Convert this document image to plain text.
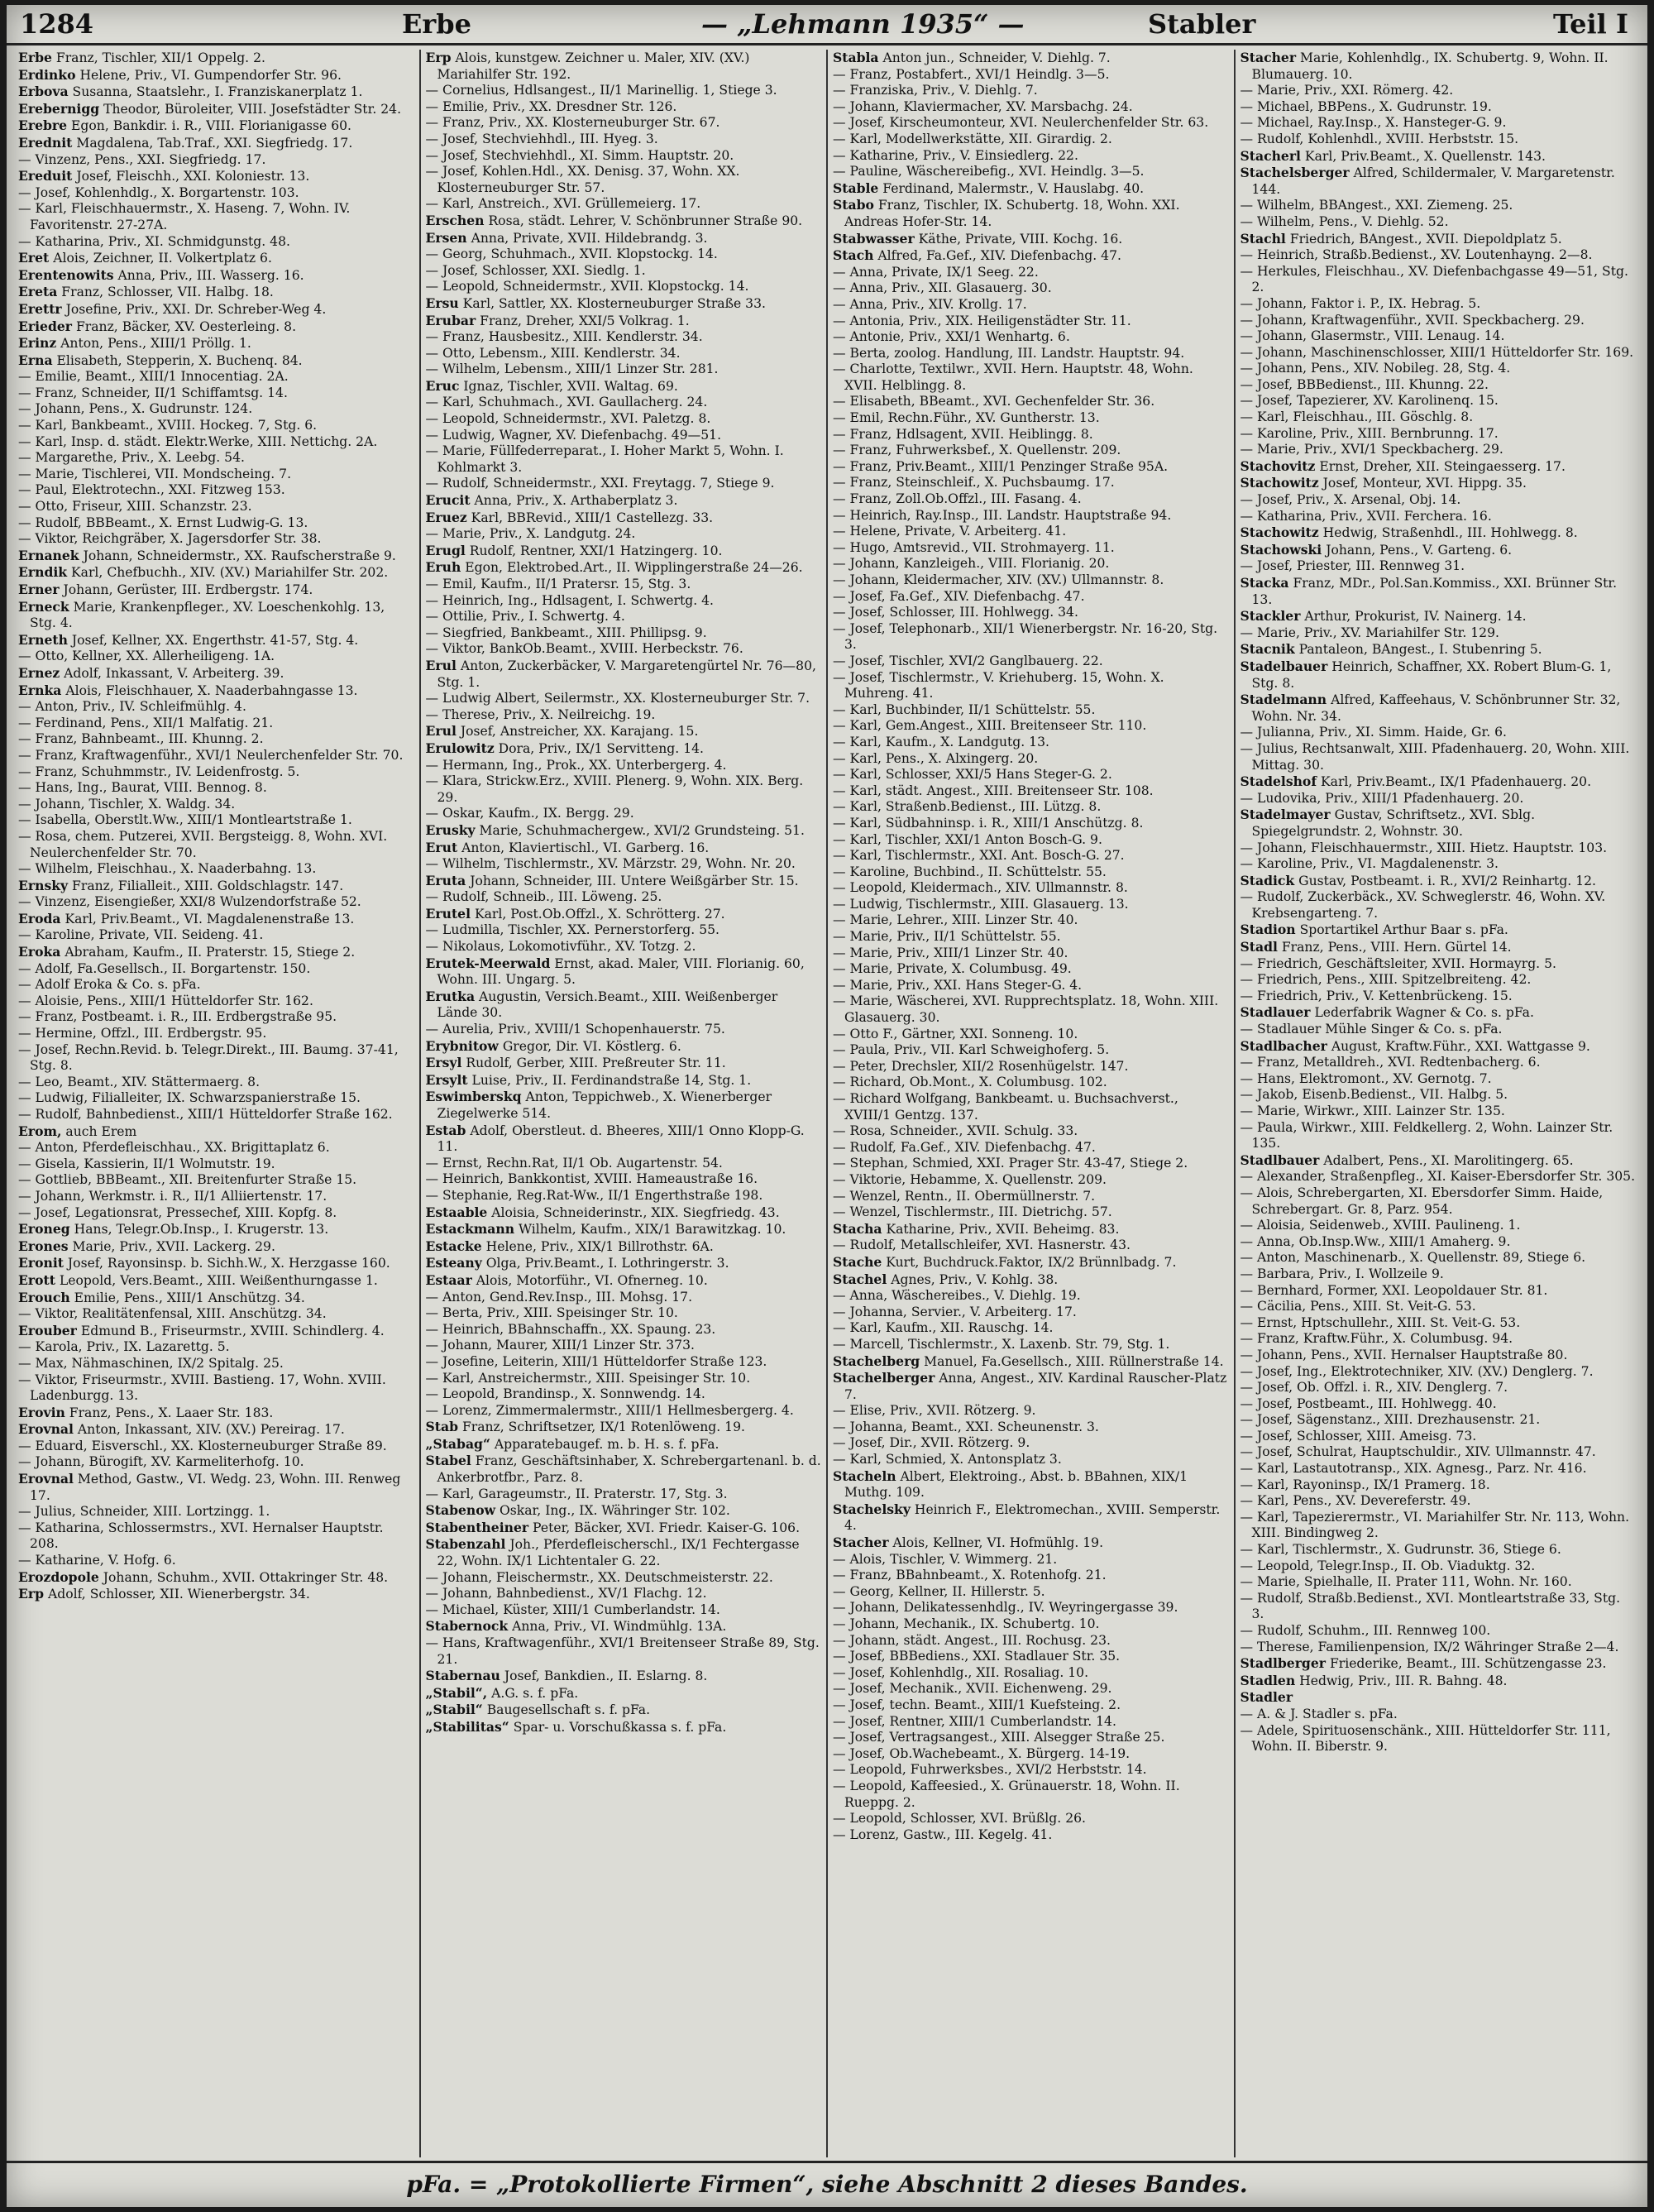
1284	Erbe	— „Lehmann 1935“ —	Stabler	Teil I
Erbe Franz, Tischler, XII/1 Oppelg. 2.
Erdinko Helene, Priv., VI. Gumpendorfer Str. 96.
Erbova Susanna, Staatslehr., I. Franziskanerplatz 1.
Erebernigg Theodor, Büroleiter, VIII. Josefstädter Str. 24.
Erebre Egon, Bankdir. i. R., VIII. Florianigasse 60.
Erednit Magdalena, Tab.Traf., XXI. Siegfriedg. 17.
— Vinzenz, Pens., XXI. Siegfriedg. 17.
Ereduit Josef, Fleischh., XXI. Koloniestr. 13.
— Josef, Kohlenhdlg., X. Borgartenstr. 103.
— Karl, Fleischhauermstr., X. Haseng. 7, Wohn. IV. Favoritenstr. 27-27A.
— Katharina, Priv., XI. Schmidgunstg. 48.
Eret Alois, Zeichner, II. Volkertplatz 6.
Erentenowits Anna, Priv., III. Wasserg. 16.
Ereta Franz, Schlosser, VII. Halbg. 18.
Erettr Josefine, Priv., XXI. Dr. Schreber-Weg 4.
Erieder Franz, Bäcker, XV. Oesterleing. 8.
Erinz Anton, Pens., XIII/1 Pröllg. 1.
Erna Elisabeth, Stepperin, X. Buchenq. 84.
— Emilie, Beamt., XIII/1 Innocentiag. 2A.
— Franz, Schneider, II/1 Schiffamtsg. 14.
— Johann, Pens., X. Gudrunstr. 124.
— Karl, Bankbeamt., XVIII. Hockeg. 7, Stg. 6.
— Karl, Insp. d. städt. Elektr.Werke, XIII. Nettichg. 2A.
— Margarethe, Priv., X. Leebg. 54.
— Marie, Tischlerei, VII. Mondscheing. 7.
— Paul, Elektrotechn., XXI. Fitzweg 153.
— Otto, Friseur, XIII. Schanzstr. 23.
— Rudolf, BBBeamt., X. Ernst Ludwig-G. 13.
— Viktor, Reichgräber, X. Jagersdorfer Str. 38.
Ernanek Johann, Schneidermstr., XX. Raufscherstraße 9.
Erndik Karl, Chefbuchh., XIV. (XV.) Mariahilfer Str. 202.
Erner Johann, Gerüster, III. Erdbergstr. 174.
Erneck Marie, Krankenpfleger., XV. Loeschenkohlg. 13, Stg. 4.
Erneth Josef, Kellner, XX. Engerthstr. 41-57, Stg. 4.
— Otto, Kellner, XX. Allerheiligeng. 1A.
Ernez Adolf, Inkassant, V. Arbeiterg. 39.
Ernka Alois, Fleischhauer, X. Naaderbahngasse 13.
— Anton, Priv., IV. Schleifmühlg. 4.
— Ferdinand, Pens., XII/1 Malfatig. 21.
— Franz, Bahnbeamt., III. Khunng. 2.
— Franz, Kraftwagenführ., XVI/1 Neulerchenfelder Str. 70.
— Franz, Schuhmmstr., IV. Leidenfrostg. 5.
— Hans, Ing., Baurat, VIII. Bennog. 8.
— Johann, Tischler, X. Waldg. 34.
— Isabella, Oberstlt.Ww., XIII/1 Montleartstraße 1.
— Rosa, chem. Putzerei, XVII. Bergsteigg. 8, Wohn. XVI. Neulerchenfelder Str. 70.
— Wilhelm, Fleischhau., X. Naaderbahng. 13.
Ernsky Franz, Filialleit., XIII. Goldschlagstr. 147.
— Vinzenz, Eisengießer, XXI/8 Wulzendorfstraße 52.
Eroda Karl, Priv.Beamt., VI. Magdalenenstraße 13.
— Karoline, Private, VII. Seideng. 41.
Eroka Abraham, Kaufm., II. Praterstr. 15, Stiege 2.
— Adolf, Fa.Gesellsch., II. Borgartenstr. 150.
— Adolf Eroka & Co. s. pFa.
— Aloisie, Pens., XIII/1 Hütteldorfer Str. 162.
— Franz, Postbeamt. i. R., III. Erdbergstraße 95.
— Hermine, Offzl., III. Erdbergstr. 95.
— Josef, Rechn.Revid. b. Telegr.Direkt., III. Baumg. 37-41, Stg. 8.
— Leo, Beamt., XIV. Stättermaerg. 8.
— Ludwig, Filialleiter, IX. Schwarzspanierstraße 15.
— Rudolf, Bahnbedienst., XIII/1 Hütteldorfer Straße 162.
Erom, auch Erem
— Anton, Pferdefleischhau., XX. Brigittaplatz 6.
— Gisela, Kassierin, II/1 Wolmutstr. 19.
— Gottlieb, BBBeamt., XII. Breitenfurter Straße 15.
— Johann, Werkmstr. i. R., II/1 Alliiertenstr. 17.
— Josef, Legationsrat, Pressechef, XIII. Kopfg. 8.
Eroneg Hans, Telegr.Ob.Insp., I. Krugerstr. 13.
Erones Marie, Priv., XVII. Lackerg. 29.
Eronit Josef, Rayonsinsp. b. Sichh.W., X. Herzgasse 160.
Erott Leopold, Vers.Beamt., XIII. Weißenthurngasse 1.
Erouch Emilie, Pens., XIII/1 Anschützg. 34.
— Viktor, Realitätenfensal, XIII. Anschützg. 34.
Erouber Edmund B., Friseurmstr., XVIII. Schindlerg. 4.
— Karola, Priv., IX. Lazarettg. 5.
— Max, Nähmaschinen, IX/2 Spitalg. 25.
— Viktor, Friseurmstr., XVIII. Bastieng. 17, Wohn. XVIII. Ladenburgg. 13.
Erovin Franz, Pens., X. Laaer Str. 183.
Erovnal Anton, Inkassant, XIV. (XV.) Pereirag. 17.
— Eduard, Eisverschl., XX. Klosterneuburger Straße 89.
— Johann, Bürogift, XV. Karmeliterhofg. 10.
Erovnal Method, Gastw., VI. Wedg. 23, Wohn. III. Renweg 17.
— Julius, Schneider, XIII. Lortzingg. 1.
— Katharina, Schlossermstrs., XVI. Hernalser Hauptstr. 208.
— Katharine, V. Hofg. 6.
Erozdopole Johann, Schuhm., XVII. Ottakringer Str. 48.
Erp Adolf, Schlosser, XII. Wienerbergstr. 34.
Erp Alois, kunstgew. Zeichner u. Maler, XIV. (XV.) Mariahilfer Str. 192.
— Cornelius, Hdlsangest., II/1 Marinellig. 1, Stiege 3.
— Emilie, Priv., XX. Dresdner Str. 126.
— Franz, Priv., XX. Klosterneuburger Str. 67.
— Josef, Stechviehhdl., III. Hyeg. 3.
— Josef, Stechviehhdl., XI. Simm. Hauptstr. 20.
— Josef, Kohlen.Hdl., XX. Denisg. 37, Wohn. XX. Klosterneuburger Str. 57.
— Karl, Anstreich., XVI. Grüllemeierg. 17.
Erschen Rosa, städt. Lehrer, V. Schönbrunner Straße 90.
Ersen Anna, Private, XVII. Hildebrandg. 3.
— Georg, Schuhmach., XVII. Klopstockg. 14.
— Josef, Schlosser, XXI. Siedlg. 1.
— Leopold, Schneidermstr., XVII. Klopstockg. 14.
Ersu Karl, Sattler, XX. Klosterneuburger Straße 33.
Erubar Franz, Dreher, XXI/5 Volkrag. 1.
— Franz, Hausbesitz., XIII. Kendlerstr. 34.
— Otto, Lebensm., XIII. Kendlerstr. 34.
— Wilhelm, Lebensm., XIII/1 Linzer Str. 281.
Eruc Ignaz, Tischler, XVII. Waltag. 69.
— Karl, Schuhmach., XVI. Gaullacherg. 24.
— Leopold, Schneidermstr., XVI. Paletzg. 8.
— Ludwig, Wagner, XV. Diefenbachg. 49—51.
— Marie, Füllfederreparat., I. Hoher Markt 5, Wohn. I. Kohlmarkt 3.
— Rudolf, Schneidermstr., XXI. Freytagg. 7, Stiege 9.
Erucit Anna, Priv., X. Arthaberplatz 3.
Eruez Karl, BBRevid., XIII/1 Castellezg. 33.
— Marie, Priv., X. Landgutg. 24.
Erugl Rudolf, Rentner, XXI/1 Hatzingerg. 10.
Eruh Egon, Elektrobed.Art., II. Wipplingerstraße 24—26.
— Emil, Kaufm., II/1 Pratersr. 15, Stg. 3.
— Heinrich, Ing., Hdlsagent, I. Schwertg. 4.
— Ottilie, Priv., I. Schwertg. 4.
— Siegfried, Bankbeamt., XIII. Phillipsg. 9.
— Viktor, BankOb.Beamt., XVIII. Herbeckstr. 76.
Erul Anton, Zuckerbäcker, V. Margaretengürtel Nr. 76—80, Stg. 1.
— Ludwig Albert, Seilermstr., XX. Klosterneuburger Str. 7.
— Therese, Priv., X. Neilreichg. 19.
Erul Josef, Anstreicher, XX. Karajang. 15.
Erulowitz Dora, Priv., IX/1 Servitteng. 14.
— Hermann, Ing., Prok., XX. Unterbergerg. 4.
— Klara, Strickw.Erz., XVIII. Plenerg. 9, Wohn. XIX. Berg. 29.
— Oskar, Kaufm., IX. Bergg. 29.
Erusky Marie, Schuhmachergew., XVI/2 Grundsteing. 51.
Erut Anton, Klaviertischl., VI. Garberg. 16.
— Wilhelm, Tischlermstr., XV. Märzstr. 29, Wohn. Nr. 20.
Eruta Johann, Schneider, III. Untere Weißgärber Str. 15.
— Rudolf, Schneib., III. Löweng. 25.
Erutel Karl, Post.Ob.Offzl., X. Schrötterg. 27.
— Ludmilla, Tischler, XX. Pernerstorferg. 55.
— Nikolaus, Lokomotivführ., XV. Totzg. 2.
Erutek-Meerwald Ernst, akad. Maler, VIII. Florianig. 60, Wohn. III. Ungarg. 5.
Erutka Augustin, Versich.Beamt., XIII. Weißenberger Lände 30.
— Aurelia, Priv., XVIII/1 Schopenhauerstr. 75.
Erybnitow Gregor, Dir. VI. Köstlerg. 6.
Ersyl Rudolf, Gerber, XIII. Preßreuter Str. 11.
Ersylt Luise, Priv., II. Ferdinandstraße 14, Stg. 1.
Eswimberskq Anton, Teppichweb., X. Wienerberger Ziegelwerke 514.
Estab Adolf, Oberstleut. d. Bheeres, XIII/1 Onno Klopp-G. 11.
— Ernst, Rechn.Rat, II/1 Ob. Augartenstr. 54.
— Heinrich, Bankkontist, XVIII. Hameaustraße 16.
— Stephanie, Reg.Rat-Ww., II/1 Engerthstraße 198.
Estaable Aloisia, Schneiderinstr., XIX. Siegfriedg. 43.
Estackmann Wilhelm, Kaufm., XIX/1 Barawitzkag. 10.
Estacke Helene, Priv., XIX/1 Billrothstr. 6A.
Esteany Olga, Priv.Beamt., I. Lothringerstr. 3.
Estaar Alois, Motorführ., VI. Ofnerneg. 10.
— Anton, Gend.Rev.Insp., III. Mohsg. 17.
— Berta, Priv., XIII. Speisinger Str. 10.
— Heinrich, BBahnschaffn., XX. Spaung. 23.
— Johann, Maurer, XIII/1 Linzer Str. 373.
— Josefine, Leiterin, XIII/1 Hütteldorfer Straße 123.
— Karl, Anstreichermstr., XIII. Speisinger Str. 10.
— Leopold, Brandinsp., X. Sonnwendg. 14.
— Lorenz, Zimmermalermstr., XIII/1 Hellmesbergerg. 4.
Stab Franz, Schriftsetzer, IX/1 Rotenlöweng. 19.
„Stabag“ Apparatebaugef. m. b. H. s. f. pFa.
Stabel Franz, Geschäftsinhaber, X. Schrebergartenanl. b. d. Ankerbrotfbr., Parz. 8.
— Karl, Garageumstr., II. Praterstr. 17, Stg. 3.
Stabenow Oskar, Ing., IX. Währinger Str. 102.
Stabentheiner Peter, Bäcker, XVI. Friedr. Kaiser-G. 106.
Stabenzahl Joh., Pferdefleischerschl., IX/1 Fechtergasse 22, Wohn. IX/1 Lichtentaler G. 22.
— Johann, Fleischermstr., XX. Deutschmeisterstr. 22.
— Johann, Bahnbedienst., XV/1 Flachg. 12.
— Michael, Küster, XIII/1 Cumberlandstr. 14.
Stabernock Anna, Priv., VI. Windmühlg. 13A.
— Hans, Kraftwagenführ., XVI/1 Breitenseer Straße 89, Stg. 21.
Stabernau Josef, Bankdien., II. Eslarng. 8.
„Stabil“, A.G. s. f. pFa.
„Stabil“ Baugesellschaft s. f. pFa.
„Stabilitas“ Spar- u. Vorschußkassa s. f. pFa.
Stabla Anton jun., Schneider, V. Diehlg. 7.
— Franz, Postabfert., XVI/1 Heindlg. 3—5.
— Franziska, Priv., V. Diehlg. 7.
— Johann, Klaviermacher, XV. Marsbachg. 24.
— Josef, Kirscheumonteur, XVI. Neulerchenfelder Str. 63.
— Karl, Modellwerkstätte, XII. Girardig. 2.
— Katharine, Priv., V. Einsiedlerg. 22.
— Pauline, Wäschereibefig., XVI. Heindlg. 3—5.
Stable Ferdinand, Malermstr., V. Hauslabg. 40.
Stabo Franz, Tischler, IX. Schubertg. 18, Wohn. XXI. Andreas Hofer-Str. 14.
Stabwasser Käthe, Private, VIII. Kochg. 16.
Stach Alfred, Fa.Gef., XIV. Diefenbachg. 47.
— Anna, Private, IX/1 Seeg. 22.
— Anna, Priv., XII. Glasauerg. 30.
— Anna, Priv., XIV. Krollg. 17.
— Antonia, Priv., XIX. Heiligenstädter Str. 11.
— Antonie, Priv., XXI/1 Wenhartg. 6.
— Berta, zoolog. Handlung, III. Landstr. Hauptstr. 94.
— Charlotte, Textilwr., XVII. Hern. Hauptstr. 48, Wohn. XVII. Helblingg. 8.
— Elisabeth, BBeamt., XVI. Gechenfelder Str. 36.
— Emil, Rechn.Führ., XV. Guntherstr. 13.
— Franz, Hdlsagent, XVII. Heiblingg. 8.
— Franz, Fuhrwerksbef., X. Quellenstr. 209.
— Franz, Priv.Beamt., XIII/1 Penzinger Straße 95A.
— Franz, Steinschleif., X. Puchsbaumg. 17.
— Franz, Zoll.Ob.Offzl., III. Fasang. 4.
— Heinrich, Ray.Insp., III. Landstr. Hauptstraße 94.
— Helene, Private, V. Arbeiterg. 41.
— Hugo, Amtsrevid., VII. Strohmayerg. 11.
— Johann, Kanzleigeh., VIII. Florianig. 20.
— Johann, Kleidermacher, XIV. (XV.) Ullmannstr. 8.
— Josef, Fa.Gef., XIV. Diefenbachg. 47.
— Josef, Schlosser, III. Hohlwegg. 34.
— Josef, Telephonarb., XII/1 Wienerbergstr. Nr. 16-20, Stg. 3.
— Josef, Tischler, XVI/2 Ganglbauerg. 22.
— Josef, Tischlermstr., V. Kriehuberg. 15, Wohn. X. Muhreng. 41.
— Karl, Buchbinder, II/1 Schüttelstr. 55.
— Karl, Gem.Angest., XIII. Breitenseer Str. 110.
— Karl, Kaufm., X. Landgutg. 13.
— Karl, Pens., X. Alxingerg. 20.
— Karl, Schlosser, XXI/5 Hans Steger-G. 2.
— Karl, städt. Angest., XIII. Breitenseer Str. 108.
— Karl, Straßenb.Bedienst., III. Lützg. 8.
— Karl, Südbahninsp. i. R., XIII/1 Anschützg. 8.
— Karl, Tischler, XXI/1 Anton Bosch-G. 9.
— Karl, Tischlermstr., XXI. Ant. Bosch-G. 27.
— Karoline, Buchbind., II. Schüttelstr. 55.
— Leopold, Kleidermach., XIV. Ullmannstr. 8.
— Ludwig, Tischlermstr., XIII. Glasauerg. 13.
— Marie, Lehrer., XIII. Linzer Str. 40.
— Marie, Priv., II/1 Schüttelstr. 55.
— Marie, Priv., XIII/1 Linzer Str. 40.
— Marie, Private, X. Columbusg. 49.
— Marie, Priv., XXI. Hans Steger-G. 4.
— Marie, Wäscherei, XVI. Rupprechtsplatz. 18, Wohn. XIII. Glasauerg. 30.
— Otto F., Gärtner, XXI. Sonneng. 10.
— Paula, Priv., VII. Karl Schweighoferg. 5.
— Peter, Drechsler, XII/2 Rosenhügelstr. 147.
— Richard, Ob.Mont., X. Columbusg. 102.
— Richard Wolfgang, Bankbeamt. u. Buchsachverst., XVIII/1 Gentzg. 137.
— Rosa, Schneider., XVII. Schulg. 33.
— Rudolf, Fa.Gef., XIV. Diefenbachg. 47.
— Stephan, Schmied, XXI. Prager Str. 43-47, Stiege 2.
— Viktorie, Hebamme, X. Quellenstr. 209.
— Wenzel, Rentn., II. Obermüllnerstr. 7.
— Wenzel, Tischlermstr., III. Dietrichg. 57.
Stacha Katharine, Priv., XVII. Beheimg. 83.
— Rudolf, Metallschleifer, XVI. Hasnerstr. 43.
Stache Kurt, Buchdruck.Faktor, IX/2 Brünnlbadg. 7.
Stachel Agnes, Priv., V. Kohlg. 38.
— Anna, Wäschereibes., V. Diehlg. 19.
— Johanna, Servier., V. Arbeiterg. 17.
— Karl, Kaufm., XII. Rauschg. 14.
— Marcell, Tischlermstr., X. Laxenb. Str. 79, Stg. 1.
Stachelberg Manuel, Fa.Gesellsch., XIII. Rüllnerstraße 14.
Stachelberger Anna, Angest., XIV. Kardinal Rauscher-Platz 7.
— Elise, Priv., XVII. Rötzerg. 9.
— Johanna, Beamt., XXI. Scheunenstr. 3.
— Josef, Dir., XVII. Rötzerg. 9.
— Karl, Schmied, X. Antonsplatz 3.
Stacheln Albert, Elektroing., Abst. b. BBahnen, XIX/1 Muthg. 109.
Stachelsky Heinrich F., Elektromechan., XVIII. Semperstr. 4.
Stacher Alois, Kellner, VI. Hofmühlg. 19.
— Alois, Tischler, V. Wimmerg. 21.
— Franz, BBahnbeamt., X. Rotenhofg. 21.
— Georg, Kellner, II. Hillerstr. 5.
— Johann, Delikatessenhdlg., IV. Weyringergasse 39.
— Johann, Mechanik., IX. Schubertg. 10.
— Johann, städt. Angest., III. Rochusg. 23.
— Josef, BBBediens., XXI. Stadlauer Str. 35.
— Josef, Kohlenhdlg., XII. Rosaliag. 10.
— Josef, Mechanik., XVII. Eichenweng. 29.
— Josef, techn. Beamt., XIII/1 Kuefsteing. 2.
— Josef, Rentner, XIII/1 Cumberlandstr. 14.
— Josef, Vertragsangest., XIII. Alsegger Straße 25.
— Josef, Ob.Wachebeamt., X. Bürgerg. 14-19.
— Leopold, Fuhrwerksbes., XVI/2 Herbststr. 14.
— Leopold, Kaffeesied., X. Grünauerstr. 18, Wohn. II. Rueppg. 2.
— Leopold, Schlosser, XVI. Brüßlg. 26.
— Lorenz, Gastw., III. Kegelg. 41.
Stacher Marie, Kohlenhdlg., IX. Schubertg. 9, Wohn. II. Blumauerg. 10.
— Marie, Priv., XXI. Römerg. 42.
— Michael, BBPens., X. Gudrunstr. 19.
— Michael, Ray.Insp., X. Hansteger-G. 9.
— Rudolf, Kohlenhdl., XVIII. Herbststr. 15.
Stacherl Karl, Priv.Beamt., X. Quellenstr. 143.
Stachelsberger Alfred, Schildermaler, V. Margaretenstr. 144.
— Wilhelm, BBAngest., XXI. Ziemeng. 25.
— Wilhelm, Pens., V. Diehlg. 52.
Stachl Friedrich, BAngest., XVII. Diepoldplatz 5.
— Heinrich, Straßb.Bedienst., XV. Loutenhayng. 2—8.
— Herkules, Fleischhau., XV. Diefenbachgasse 49—51, Stg. 2.
— Johann, Faktor i. P., IX. Hebrag. 5.
— Johann, Kraftwagenführ., XVII. Speckbacherg. 29.
— Johann, Glasermstr., VIII. Lenaug. 14.
— Johann, Maschinenschlosser, XIII/1 Hütteldorfer Str. 169.
— Johann, Pens., XIV. Nobileg. 28, Stg. 4.
— Josef, BBBedienst., III. Khunng. 22.
— Josef, Tapezierer, XV. Karolinenq. 15.
— Karl, Fleischhau., III. Göschlg. 8.
— Karoline, Priv., XIII. Bernbrunng. 17.
— Marie, Priv., XVI/1 Speckbacherg. 29.
Stachovitz Ernst, Dreher, XII. Steingaesserg. 17.
Stachowitz Josef, Monteur, XVI. Hippg. 35.
— Josef, Priv., X. Arsenal, Obj. 14.
— Katharina, Priv., XVII. Ferchera. 16.
Stachowitz Hedwig, Straßenhdl., III. Hohlwegg. 8.
Stachowski Johann, Pens., V. Garteng. 6.
— Josef, Priester, III. Rennweg 31.
Stacka Franz, MDr., Pol.San.Kommiss., XXI. Brünner Str. 13.
Stackler Arthur, Prokurist, IV. Nainerg. 14.
— Marie, Priv., XV. Mariahilfer Str. 129.
Stacnik Pantaleon, BAngest., I. Stubenring 5.
Stadelbauer Heinrich, Schaffner, XX. Robert Blum-G. 1, Stg. 8.
Stadelmann Alfred, Kaffeehaus, V. Schönbrunner Str. 32, Wohn. Nr. 34.
— Julianna, Priv., XI. Simm. Haide, Gr. 6.
— Julius, Rechtsanwalt, XIII. Pfadenhauerg. 20, Wohn. XIII. Mittag. 30.
Stadelshof Karl, Priv.Beamt., IX/1 Pfadenhauerg. 20.
— Ludovika, Priv., XIII/1 Pfadenhauerg. 20.
Stadelmayer Gustav, Schriftsetz., XVI. Sblg. Spiegelgrundstr. 2, Wohnstr. 30.
— Johann, Fleischhauermstr., XIII. Hietz. Hauptstr. 103.
— Karoline, Priv., VI. Magdalenenstr. 3.
Stadick Gustav, Postbeamt. i. R., XVI/2 Reinhartg. 12.
— Rudolf, Zuckerbäck., XV. Schweglerstr. 46, Wohn. XV. Krebsengarteng. 7.
Stadion Sportartikel Arthur Baar s. pFa.
Stadl Franz, Pens., VIII. Hern. Gürtel 14.
— Friedrich, Geschäftsleiter, XVII. Hormayrg. 5.
— Friedrich, Pens., XIII. Spitzelbreiteng. 42.
— Friedrich, Priv., V. Kettenbrückeng. 15.
Stadlauer Lederfabrik Wagner & Co. s. pFa.
— Stadlauer Mühle Singer & Co. s. pFa.
Stadlbacher August, Kraftw.Führ., XXI. Wattgasse 9.
— Franz, Metalldreh., XVI. Redtenbacherg. 6.
— Hans, Elektromont., XV. Gernotg. 7.
— Jakob, Eisenb.Bedienst., VII. Halbg. 5.
— Marie, Wirkwr., XIII. Lainzer Str. 135.
— Paula, Wirkwr., XIII. Feldkellerg. 2, Wohn. Lainzer Str. 135.
Stadlbauer Adalbert, Pens., XI. Marolitingerg. 65.
— Alexander, Straßenpfleg., XI. Kaiser-Ebersdorfer Str. 305.
— Alois, Schrebergarten, XI. Ebersdorfer Simm. Haide, Schrebergart. Gr. 8, Parz. 954.
— Aloisia, Seidenweb., XVIII. Paulineng. 1.
— Anna, Ob.Insp.Ww., XIII/1 Amaherg. 9.
— Anton, Maschinenarb., X. Quellenstr. 89, Stiege 6.
— Barbara, Priv., I. Wollzeile 9.
— Bernhard, Former, XXI. Leopoldauer Str. 81.
— Cäcilia, Pens., XIII. St. Veit-G. 53.
— Ernst, Hptschullehr., XIII. St. Veit-G. 53.
— Franz, Kraftw.Führ., X. Columbusg. 94.
— Johann, Pens., XVII. Hernalser Hauptstraße 80.
— Josef, Ing., Elektrotechniker, XIV. (XV.) Denglerg. 7.
— Josef, Ob. Offzl. i. R., XIV. Denglerg. 7.
— Josef, Postbeamt., III. Hohlwegg. 40.
— Josef, Sägenstanz., XIII. Drezhausenstr. 21.
— Josef, Schlosser, XIII. Ameisg. 73.
— Josef, Schulrat, Hauptschuldir., XIV. Ullmannstr. 47.
— Karl, Lastautotransp., XIX. Agnesg., Parz. Nr. 416.
— Karl, Rayoninsp., IX/1 Pramerg. 18.
— Karl, Pens., XV. Devereferstr. 49.
— Karl, Tapezierermstr., VI. Mariahilfer Str. Nr. 113, Wohn. XIII. Bindingweg 2.
— Karl, Tischlermstr., X. Gudrunstr. 36, Stiege 6.
— Leopold, Telegr.Insp., II. Ob. Viaduktg. 32.
— Marie, Spielhalle, II. Prater 111, Wohn. Nr. 160.
— Rudolf, Straßb.Bedienst., XVI. Montleartstraße 33, Stg. 3.
— Rudolf, Schuhm., III. Rennweg 100.
— Therese, Familienpension, IX/2 Währinger Straße 2—4.
Stadlberger Friederike, Beamt., III. Schützengasse 23.
Stadlen Hedwig, Priv., III. R. Bahng. 48.
Stadler
— A. & J. Stadler s. pFa.
— Adele, Spirituosenschänk., XIII. Hütteldorfer Str. 111, Wohn. II. Biberstr. 9.
pFa. = „Protokollierte Firmen“, siehe Abschnitt 2 dieses Bandes.
